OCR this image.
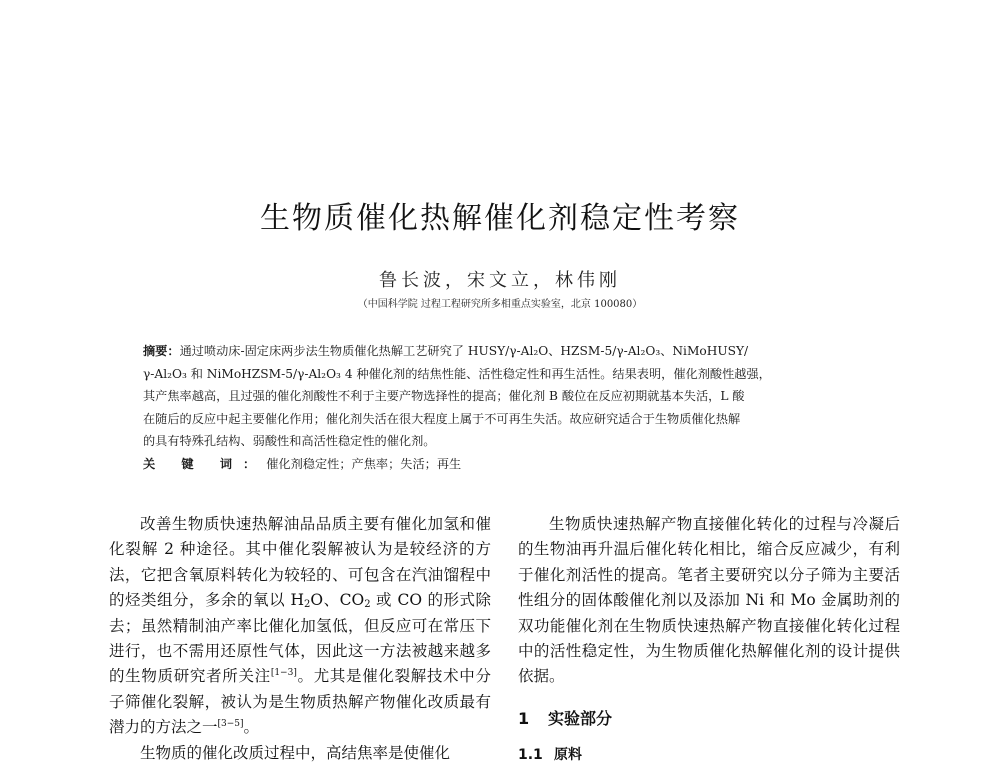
生物质催化热解催化剂稳定性考察
鲁长波，宋文立，林伟刚
（中国科学院 过程工程研究所多相重点实验室，北京 100080）

摘要：通过喷动床-固定床两步法生物质催化热解工艺研究了 HUSY/γ-Al₂O、HZSM-5/γ-Al₂O₃、NiMoHUSY/

γ-Al₂O₃ 和 NiMoHZSM-5/γ-Al₂O₃ 4 种催化剂的结焦性能、活性稳定性和再生活性。结果表明，催化剂酸性越强，

其产焦率越高，且过强的催化剂酸性不利于主要产物选择性的提高；催化剂 B 酸位在反应初期就基本失活，L 酸

在随后的反应中起主要催化作用；催化剂失活在很大程度上属于不可再生失活。故应研究适合于生物质催化热解

的具有特殊孔结构、弱酸性和高活性稳定性的催化剂。

关 键 词：催化剂稳定性；产焦率；失活；再生

改善生物质快速热解油品品质主要有催化加氢和催化裂解 2 种途径。其中催化裂解被认为是较经济的方法，它把含氧原料转化为较轻的、可包含在汽油馏程中的烃类组分，多余的氧以 $H_2O$、$CO_2$ 或 CO 的形式除去；虽然精制油产率比催化加氢低，但反应可在常压下进行，也不需用还原性气体，因此这一方法被越来越多的生物质研究者所关注[1−3]。尤其是催化裂解技术中分子筛催化裂解，被认为是生物质热解产物催化改质最有潜力的方法之一[3−5]。

生物质的催化改质过程中，高结焦率是使催化

生物质快速热解产物直接催化转化的过程与冷凝后的生物油再升温后催化转化相比，缩合反应减少，有利于催化剂活性的提高。笔者主要研究以分子筛为主要活性组分的固体酸催化剂以及添加 Ni 和 Mo 金属助剂的双功能催化剂在生物质快速热解产物直接催化转化过程中的活性稳定性，为生物质催化热解催化剂的设计提供依据。

1 实验部分
1.1 原料
